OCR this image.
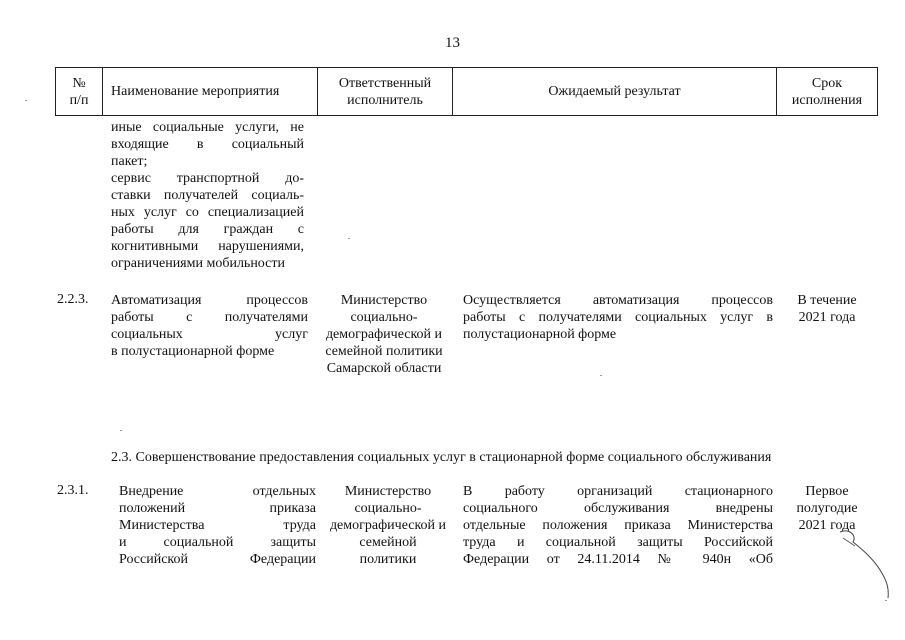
13
№
п/п
Наименование мероприятия
Ответственный
исполнитель
Ожидаемый результат
Срок
исполнения
иные социальные услуги, не
входящие в социальный
пакет;
сервис транспортной до-
ставки получателей социаль-
ных услуг со специализацией
работы для граждан с
когнитивными нарушениями,
ограничениями мобильности
2.2.3. Автоматизация процессов
работы с получателями
социальных услуг
в полустационарной форме
Министерство
социально-
демографической и
семейной политики
Самарской области
Осуществляется автоматизация процессов
работы с получателями социальных услуг в
полустационарной форме
В течение
2021 года
2.3. Совершенствование предоставления социальных услуг в стационарной форме социального обслуживания
2.3.1. Внедрение отдельных
положений приказа
Министерства труда
и социальной защиты
Российской Федерации
Министерство
социально-
демографической и
семейной
политики
В работу организаций стационарного
социального обслуживания внедрены
отдельные положения приказа Министерства
труда и социальной защиты Российской
Федерации от 24.11.2014 № 940н «Об
Первое
полугодие
2021 года
